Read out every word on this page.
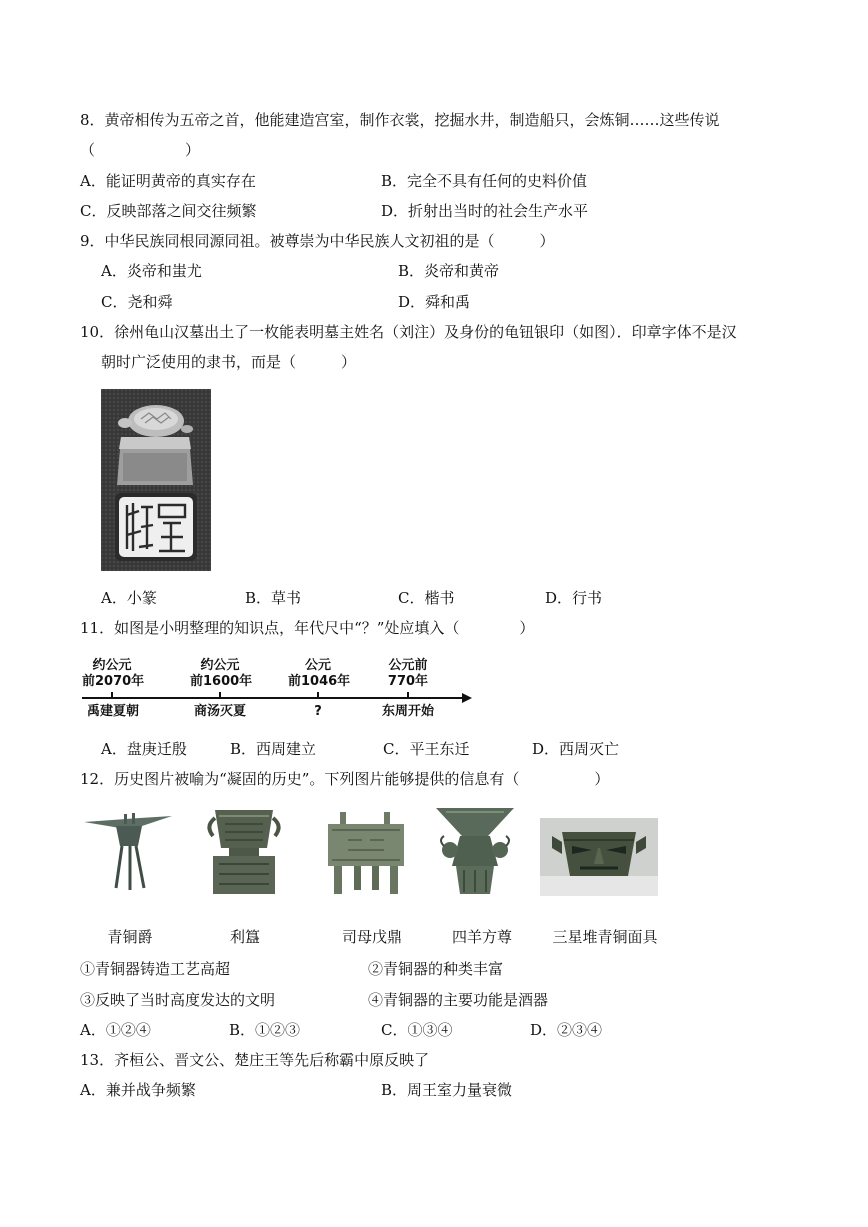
8．黄帝相传为五帝之首，他能建造宫室，制作衣裳，挖掘水井，制造船只，会炼铜……这些传说
（　　　　　　）
A．能证明黄帝的真实存在	B．完全不具有任何的史料价值
C．反映部落之间交往频繁	D．折射出当时的社会生产水平
9．中华民族同根同源同祖。被尊崇为中华民族人文初祖的是（　　　）
A．炎帝和蚩尤	B．炎帝和黄帝
C．尧和舜	D．舜和禹
10．徐州龟山汉墓出土了一枚能表明墓主姓名（刘注）及身份的龟钮银印（如图）．印章字体不是汉
朝时广泛使用的隶书，而是（　　　）
A．小篆	B．草书	C．楷书	D．行书
11．如图是小明整理的知识点，年代尺中“？”处应填入（　　　　）
约公元
前2070年
禹建夏朝
约公元
前1600年
商汤灭夏
公元
前1046年
?
公元前
770年
东周开始
A．盘庚迁殷	B．西周建立	C．平王东迁	D．西周灭亡
12．历史图片被喻为“凝固的历史”。下列图片能够提供的信息有（　　　　　）
青铜爵	利簋	司母戊鼎	四羊方尊	三星堆青铜面具
①青铜器铸造工艺高超	②青铜器的种类丰富
③反映了当时高度发达的文明	④青铜器的主要功能是酒器
A．①②④	B．①②③	C．①③④	D．②③④
13．齐桓公、晋文公、楚庄王等先后称霸中原反映了
A．兼并战争频繁	B．周王室力量衰微
